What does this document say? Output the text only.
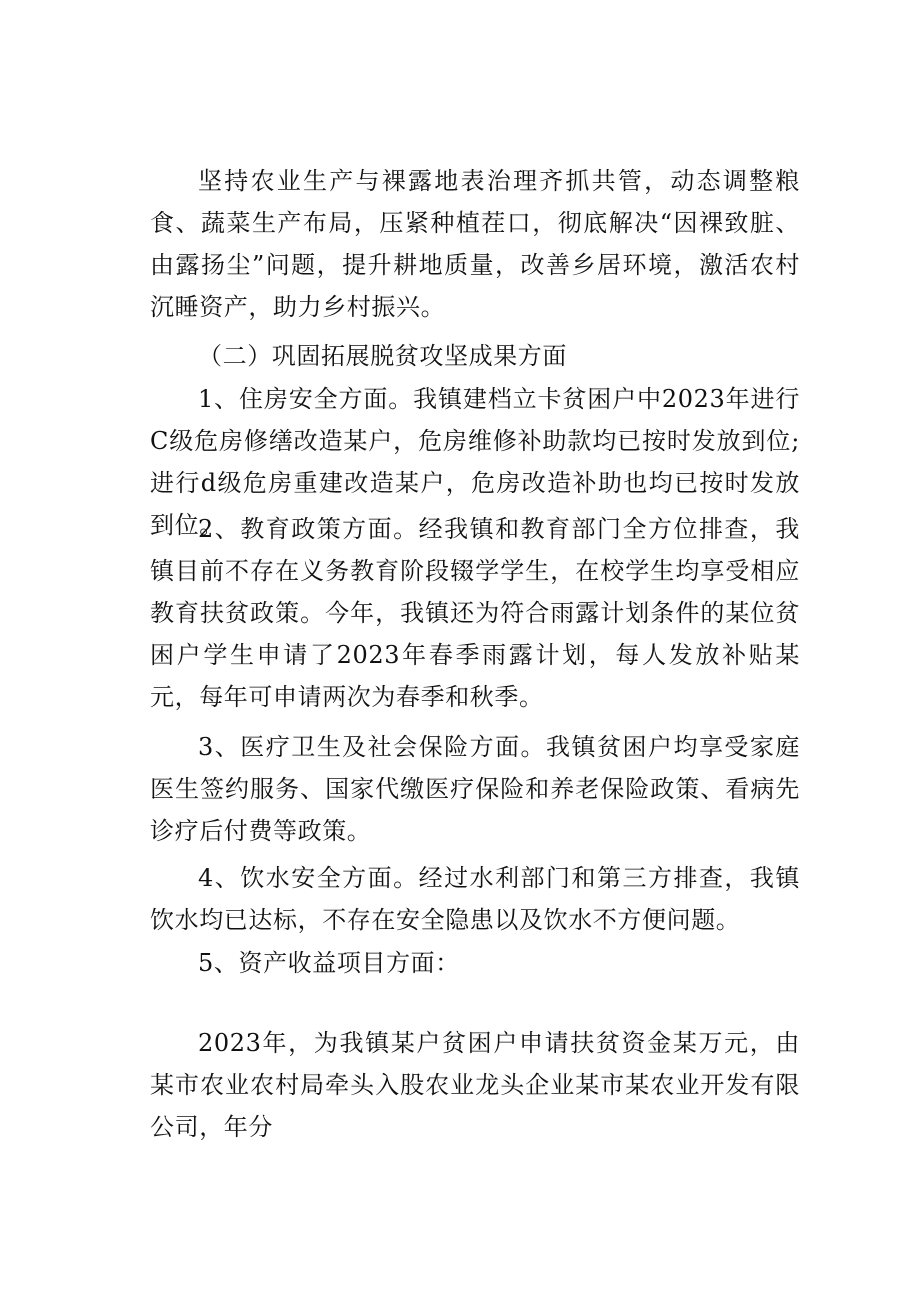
坚持农业生产与裸露地表治理齐抓共管，动态调整粮食、蔬菜生产布局，压紧种植茬口，彻底解决“因裸致脏、由露扬尘”问题，提升耕地质量，改善乡居环境，激活农村沉睡资产，助力乡村振兴。

（二）巩固拓展脱贫攻坚成果方面

1、住房安全方面。我镇建档立卡贫困户中2023年进行C级危房修缮改造某户，危房维修补助款均已按时发放到位;进行d级危房重建改造某户，危房改造补助也均已按时发放到位。

2、教育政策方面。经我镇和教育部门全方位排查，我镇目前不存在义务教育阶段辍学学生，在校学生均享受相应教育扶贫政策。今年，我镇还为符合雨露计划条件的某位贫困户学生申请了2023年春季雨露计划，每人发放补贴某元，每年可申请两次为春季和秋季。

3、医疗卫生及社会保险方面。我镇贫困户均享受家庭医生签约服务、国家代缴医疗保险和养老保险政策、看病先诊疗后付费等政策。

4、饮水安全方面。经过水利部门和第三方排查，我镇饮水均已达标，不存在安全隐患以及饮水不方便问题。

5、资产收益项目方面：

2023年，为我镇某户贫困户申请扶贫资金某万元，由某市农业农村局牵头入股农业龙头企业某市某农业开发有限公司，年分
